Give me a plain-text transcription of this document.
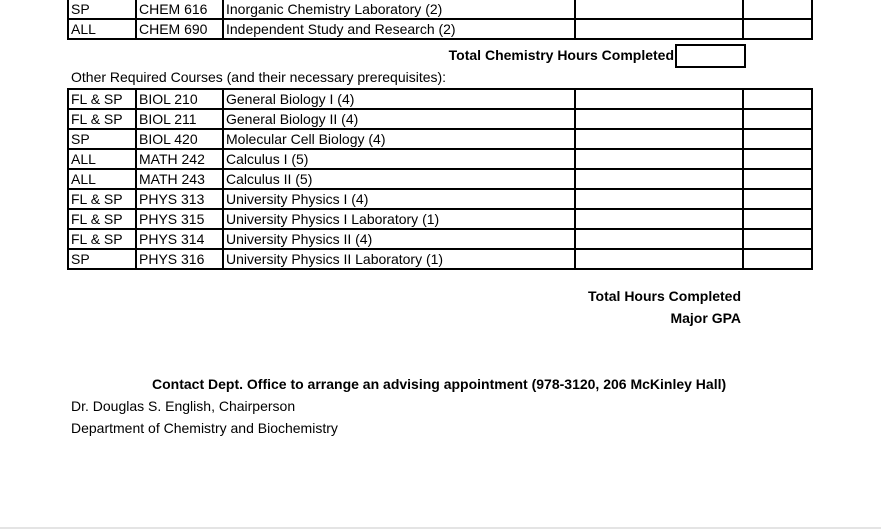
SP	CHEM 616	Inorganic Chemistry Laboratory (2)		
ALL	CHEM 690	Independent Study and Research (2)		
Total Chemistry Hours Completed
Other Required Courses (and their necessary prerequisites):
FL & SP	BIOL 210	General Biology I (4)		
FL & SP	BIOL 211	General Biology II (4)		
SP	BIOL 420	Molecular Cell Biology (4)		
ALL	MATH 242	Calculus I (5)		
ALL	MATH 243	Calculus II (5)		
FL & SP	PHYS 313	University Physics I (4)		
FL & SP	PHYS 315	University Physics I Laboratory (1)		
FL & SP	PHYS 314	University Physics II (4)		
SP	PHYS 316	University Physics II Laboratory (1)		
Total Hours Completed
Major GPA
Contact Dept. Office to arrange an advising appointment (978-3120, 206 McKinley Hall)
Dr. Douglas S. English, Chairperson
Department of Chemistry and Biochemistry
